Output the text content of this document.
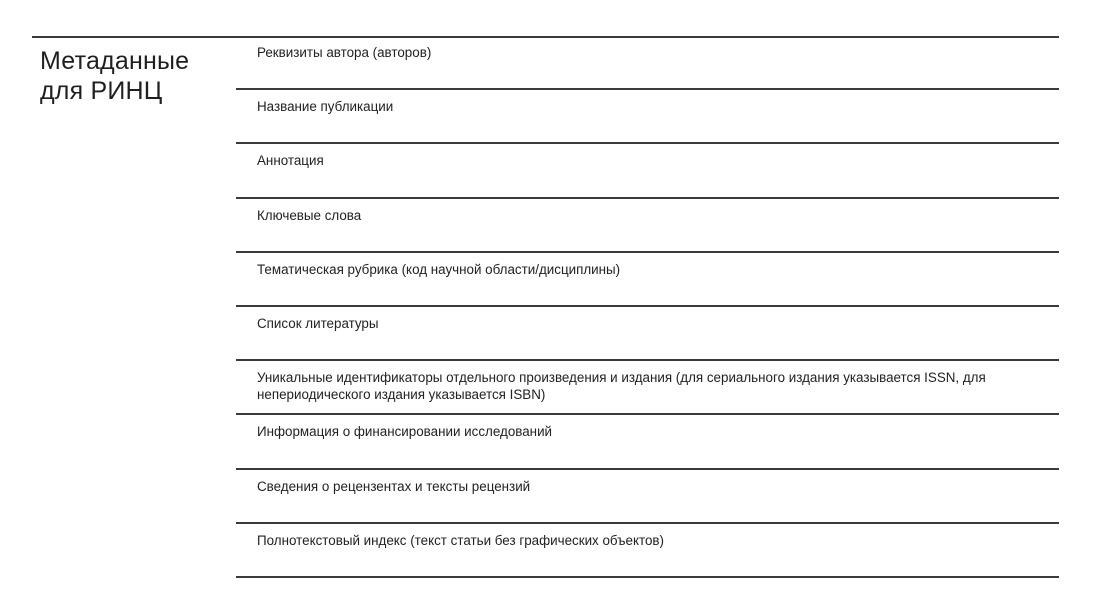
Метаданные
для РИНЦ
Реквизиты автора (авторов)
Название публикации
Аннотация
Ключевые слова
Тематическая рубрика (код научной области/дисциплины)
Список литературы
Уникальные идентификаторы отдельного произведения и издания (для сериального издания указывается ISSN, для непериодического издания указывается ISBN)
Информация о финансировании исследований
Сведения о рецензентах и тексты рецензий
Полнотекстовый индекс (текст статьи без графических объектов)
